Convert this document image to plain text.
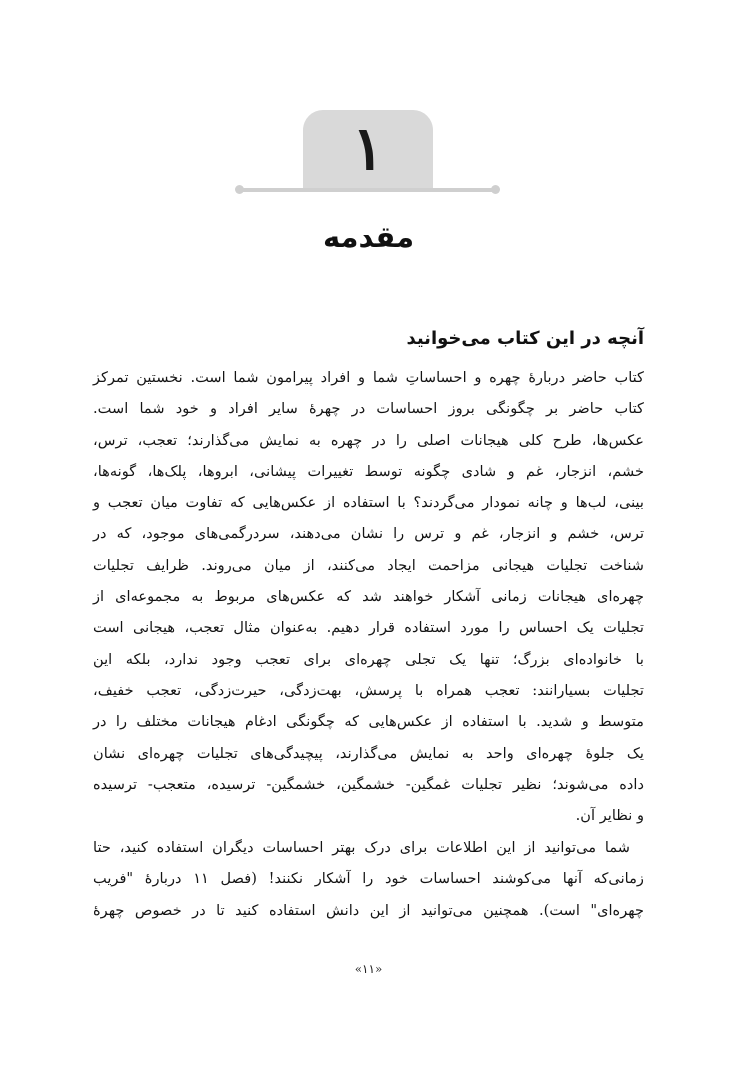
۱
مقدمه
آنچه در این کتاب می‌خوانید
کتاب حاضر دربارهٔ چهره و احساساتِ شما و افراد پیرامون شما است. نخستین تمرکز
کتاب حاضر بر چگونگی بروز احساسات در چهرهٔ سایر افراد و خود شما است.
عکس‌ها، طرح کلی هیجانات اصلی را در چهره به نمایش می‌گذارند؛ تعجب، ترس،
خشم، انزجار، غم و شادی چگونه توسط تغییرات پیشانی، ابروها، پلک‌ها، گونه‌ها،
بینی، لب‌ها و چانه نمودار می‌گردند؟ با استفاده از عکس‌هایی که تفاوت میان تعجب و
ترس، خشم و انزجار، غم و ترس را نشان می‌دهند، سردرگمی‌های موجود، که در
شناخت تجلیات هیجانی مزاحمت ایجاد می‌کنند، از میان می‌روند. ظرایف تجلیات
چهره‌ای هیجانات زمانی آشکار خواهند شد که عکس‌های مربوط به مجموعه‌ای از
تجلیات یک احساس را مورد استفاده قرار دهیم. به‌عنوان مثال تعجب، هیجانی است
با خانواده‌ای بزرگ؛ تنها یک تجلی چهره‌ای برای تعجب وجود ندارد، بلکه این
تجلیات بسیارانند: تعجب همراه با پرسش، بهت‌زدگی، حیرت‌زدگی، تعجب خفیف،
متوسط و شدید. با استفاده از عکس‌هایی که چگونگی ادغام هیجانات مختلف را در
یک جلوهٔ چهره‌ای واحد به نمایش می‌گذارند، پیچیدگی‌های تجلیات چهره‌ای نشان
داده می‌شوند؛ نظیر تجلیات غمگین- خشمگین، خشمگین- ترسیده، متعجب- ترسیده
و نظایر آن.
شما می‌توانید از این اطلاعات برای درک بهتر احساسات دیگران استفاده کنید، حتا
زمانی‌که آنها می‌کوشند احساسات خود را آشکار نکنند! (فصل ۱۱ دربارهٔ "فریب
چهره‌ای" است). همچنین می‌توانید از این دانش استفاده کنید تا در خصوص چهرهٔ
«۱۱»
